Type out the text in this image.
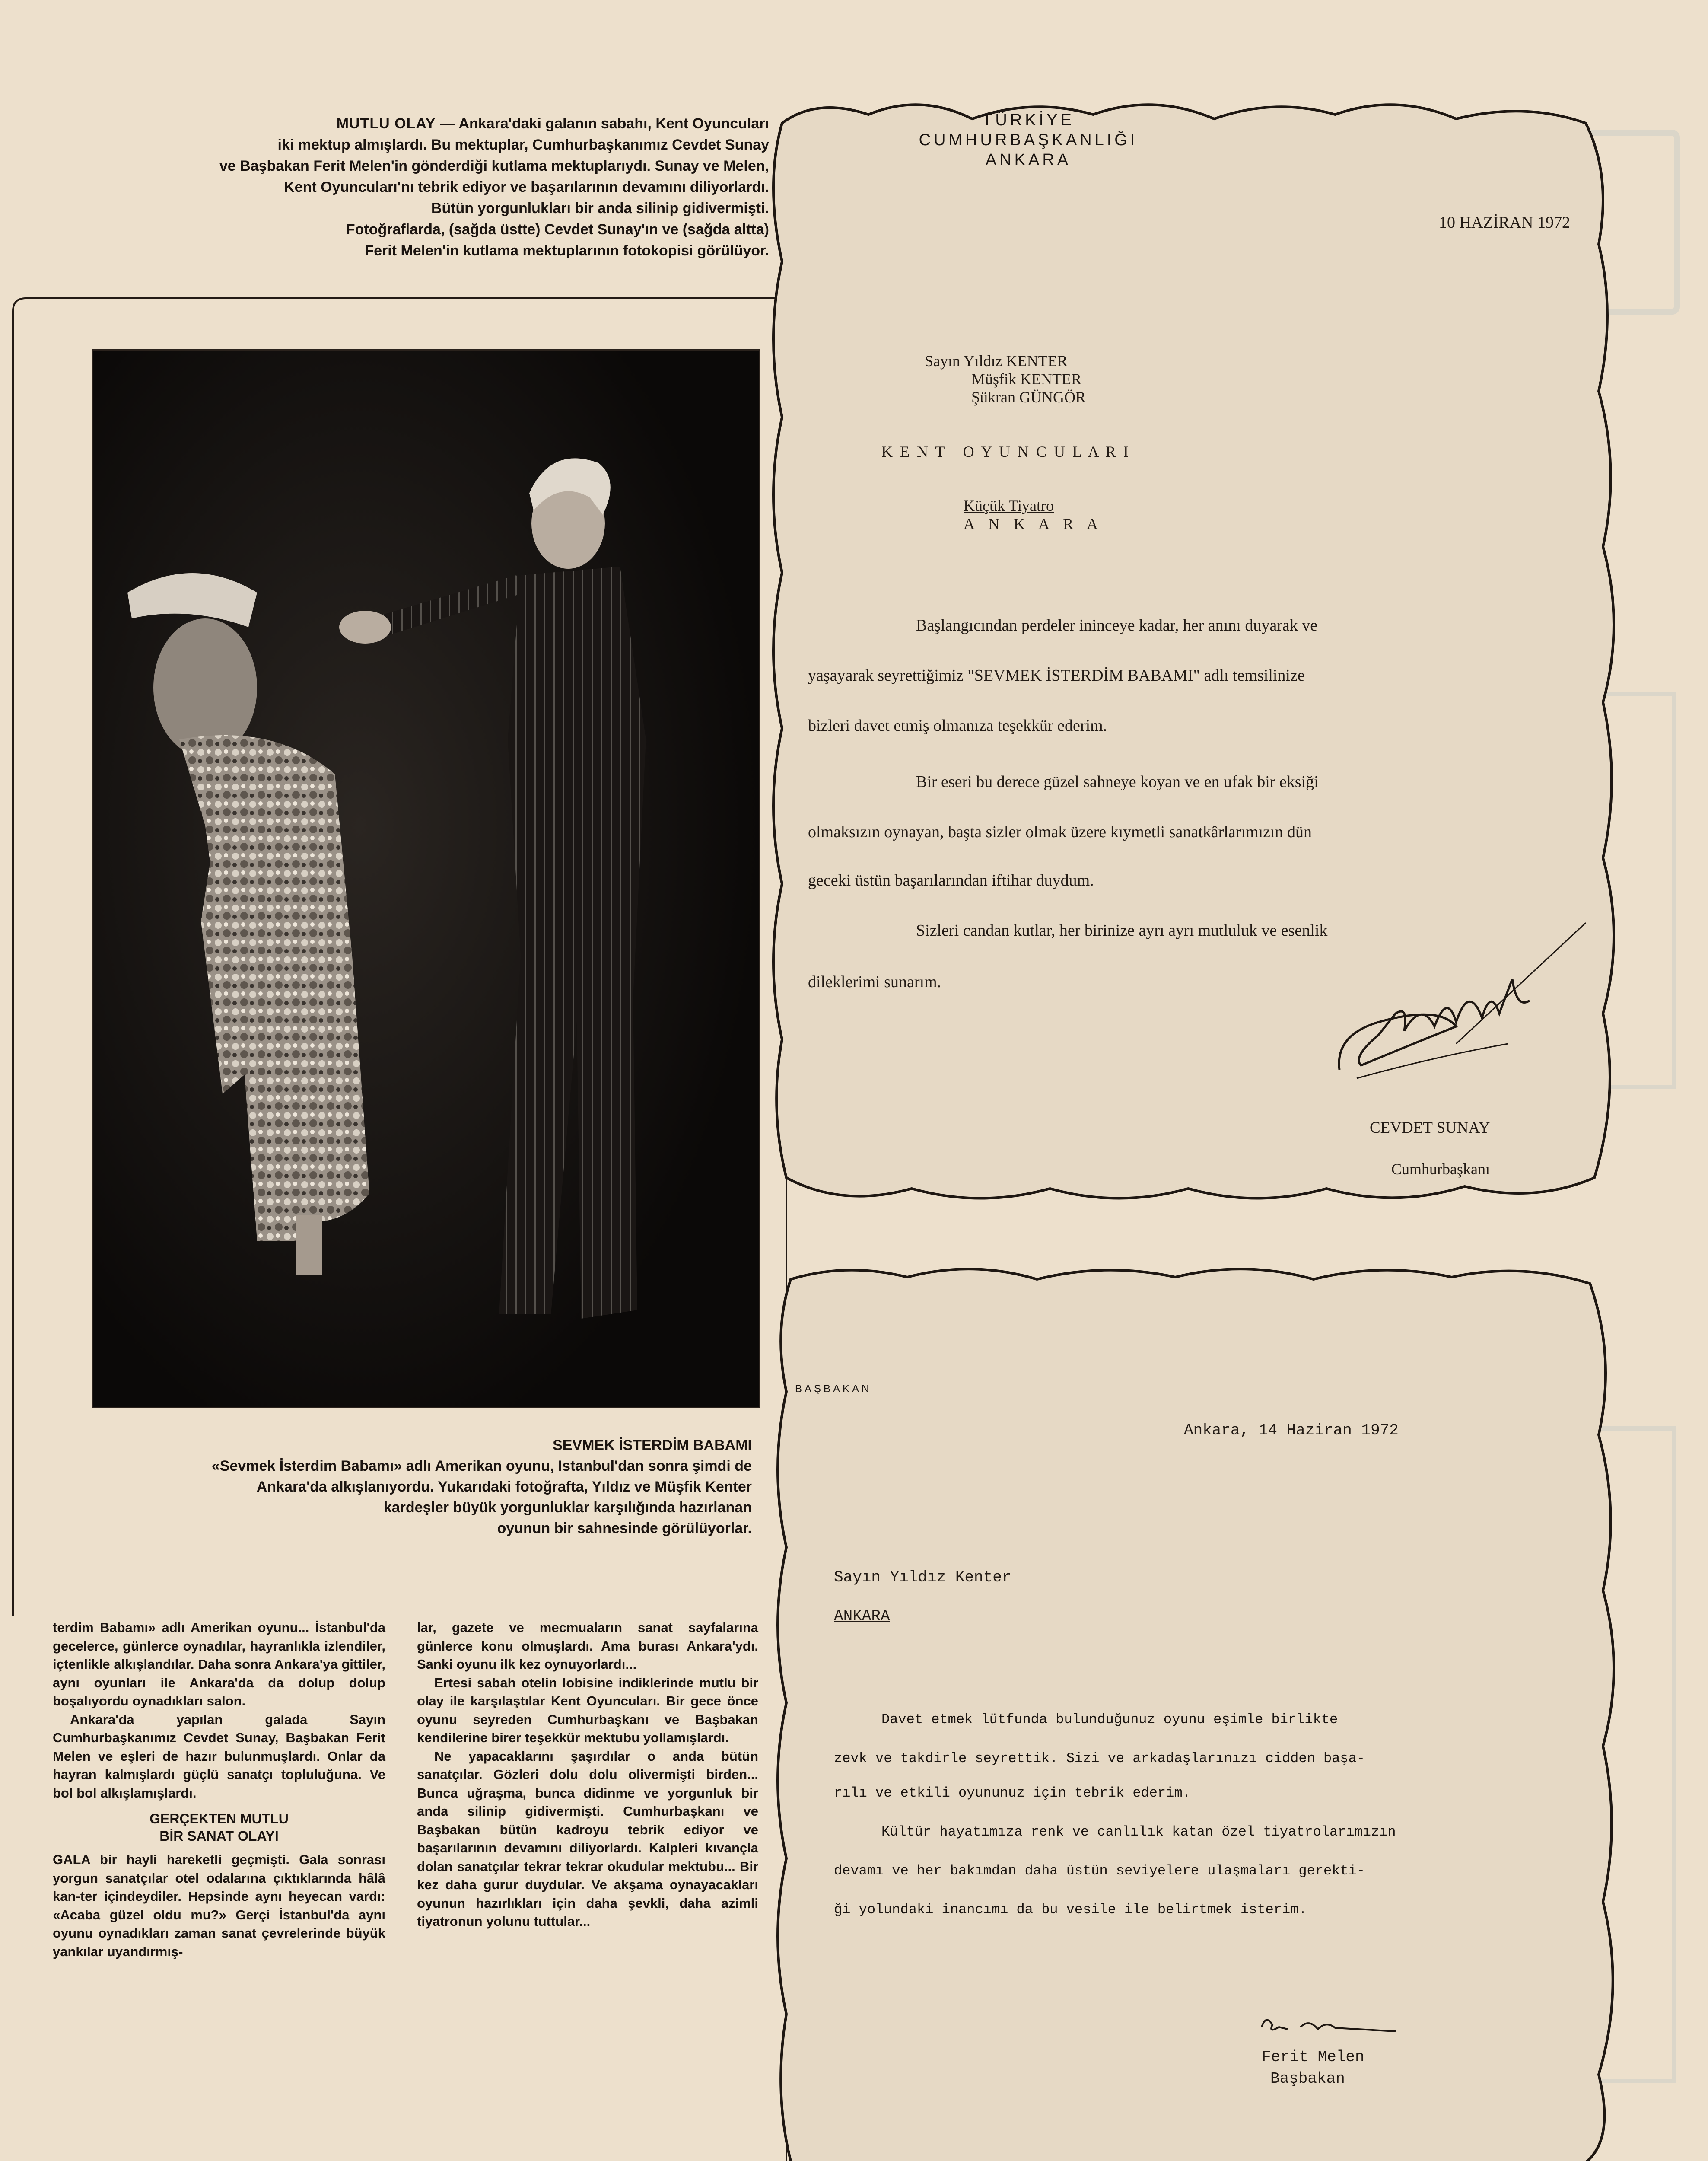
MUTLU OLAY — Ankara'daki galanın sabahı, Kent Oyuncuları

iki mektup almışlardı. Bu mektuplar, Cumhurbaşkanımız Cevdet Sunay

ve Başbakan Ferit Melen'in gönderdiği kutlama mektuplarıydı. Sunay ve Melen,

Kent Oyuncuları'nı tebrik ediyor ve başarılarının devamını diliyorlardı.

Bütün yorgunlukları bir anda silinip gidivermişti.

Fotoğraflarda, (sağda üstte) Cevdet Sunay'ın ve (sağda altta)

Ferit Melen'in kutlama mektuplarının fotokopisi görülüyor.

SEVMEK İSTERDİM BABAMI

«Sevmek İsterdim Babamı» adlı Amerikan oyunu, Istanbul'dan sonra şimdi de

Ankara'da alkışlanıyordu. Yukarıdaki fotoğrafta, Yıldız ve Müşfik Kenter

kardeşler büyük yorgunluklar karşılığında hazırlanan

oyunun bir sahnesinde görülüyorlar.

terdim Babamı» adlı Amerikan oyunu... İstanbul'da gecelerce, günlerce oynadılar, hayranlıkla izlendiler, içtenlikle alkışlandılar. Daha sonra Ankara'ya gittiler, aynı oyunları ile Ankara'da da dolup dolup boşalıyordu oynadıkları salon.

Ankara'da yapılan galada Sayın Cumhurbaşkanımız Cevdet Sunay, Başbakan Ferit Melen ve eşleri de hazır bulunmuşlardı. Onlar da hayran kalmışlardı güçlü sanatçı topluluğuna. Ve bol bol alkışlamışlardı.

GERÇEKTEN MUTLU
BİR SANAT OLAYI

GALA bir hayli hareketli geçmişti. Gala sonrası yorgun sanatçılar otel odalarına çıktıklarında hâlâ kan-ter içindeydiler. Hepsinde aynı heyecan vardı: «Acaba güzel oldu mu?» Gerçi İstanbul'da aynı oyunu oynadıkları zaman sanat çevrelerinde büyük yankılar uyandırmış-

lar, gazete ve mecmuaların sanat sayfalarına günlerce konu olmuşlardı. Ama burası Ankara'ydı. Sanki oyunu ilk kez oynuyorlardı...

Ertesi sabah otelin lobisine indiklerinde mutlu bir olay ile karşılaştılar Kent Oyuncuları. Bir gece önce oyunu seyreden Cumhurbaşkanı ve Başbakan kendilerine birer teşekkür mektubu yollamışlardı.

Ne yapacaklarını şaşırdılar o anda bütün sanatçılar. Gözleri dolu dolu olivermişti birden... Bunca uğraşma, bunca didinme ve yorgunluk bir anda silinip gidivermişti. Cumhurbaşkanı ve Başbakan bütün kadroyu tebrik ediyor ve başarılarının devamını diliyorlardı. Kalpleri kıvançla dolan sanatçılar tekrar tekrar okudular mektubu... Bir kez daha gurur duydular. Ve akşama oynayacakları oyunun hazırlıkları için daha şevkli, daha azimli tiyatronun yolunu tuttular...

TÜRKİYE
CUMHURBAŞKANLIĞI
ANKARA
10 HAZİRAN 1972
Sayın Yıldız KENTER
Müşfik KENTER
Şükran GÜNGÖR
K E N T   O Y U N C U L A R I
Küçük Tiyatro
A N K A R A
Başlangıcından perdeler ininceye kadar, her anını duyarak ve
yaşayarak seyrettiğimiz "SEVMEK İSTERDİM BABAMI" adlı temsilinize
bizleri davet etmiş olmanıza teşekkür ederim.
Bir eseri bu derece güzel sahneye koyan ve en ufak bir eksiği
olmaksızın oynayan, başta sizler olmak üzere kıymetli sanatkârlarımızın dün
geceki üstün başarılarından iftihar duydum.
Sizleri candan kutlar, her birinize ayrı ayrı mutluluk ve esenlik
dileklerimi sunarım.
CEVDET SUNAY
Cumhurbaşkanı
BAŞBAKAN
Ankara, 14 Haziran 1972
Sayın Yıldız Kenter
ANKARA
Davet etmek lütfunda bulunduğunuz oyunu eşimle birlikte
zevk ve takdirle seyrettik. Sizi ve arkadaşlarınızı cidden başa-
rılı ve etkili oyununuz için tebrik ederim.
Kültür hayatımıza renk ve canlılık katan özel tiyatrolarımızın
devamı ve her bakımdan daha üstün seviyelere ulaşmaları gerekti-
ği yolundaki inancımı da bu vesile ile belirtmek isterim.
Ferit Melen
Başbakan
